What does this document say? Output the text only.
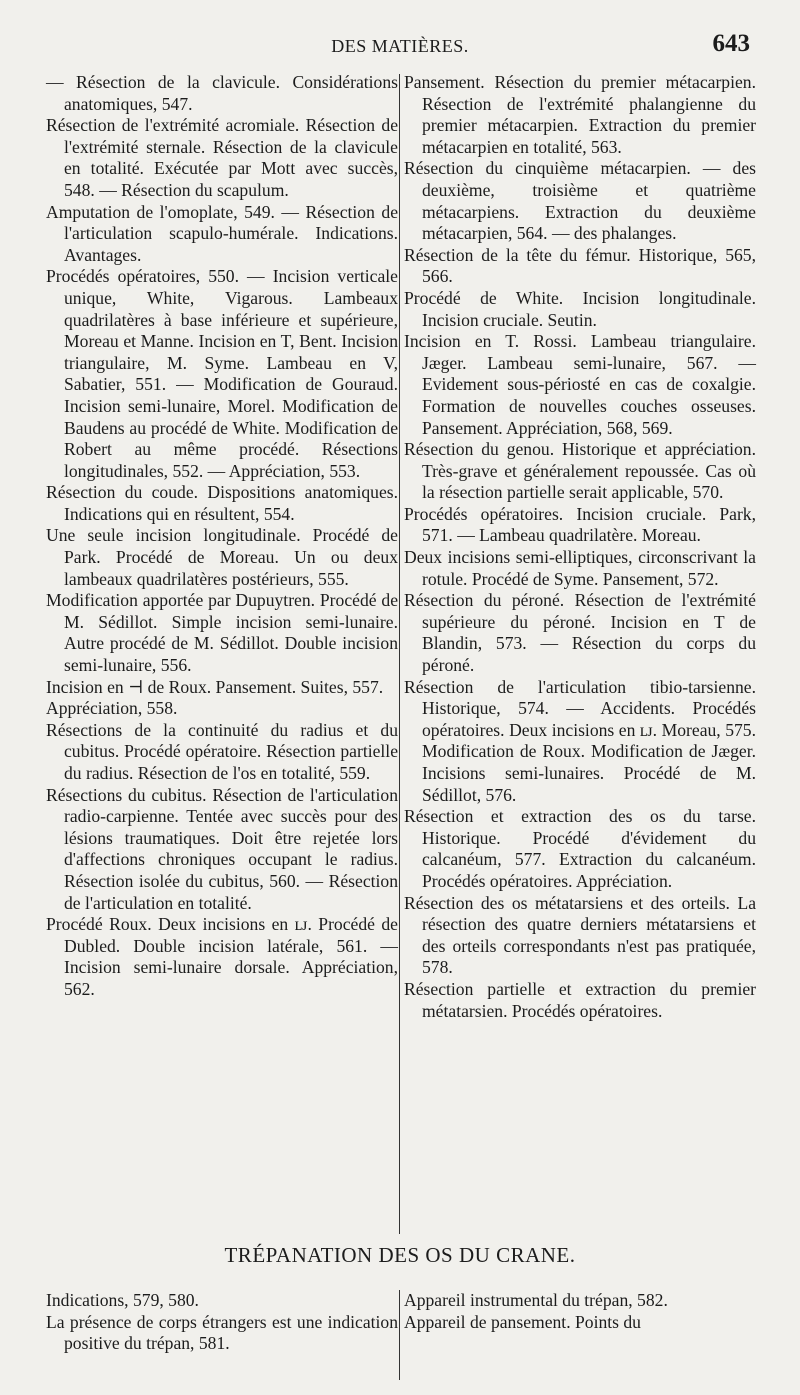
DES MATIÈRES.	643

— Résection de la clavicule. Considérations anatomiques, 547.

Résection de l'extrémité acromiale. Résection de l'extrémité sternale. Résection de la clavicule en totalité. Exécutée par Mott avec succès, 548. — Résection du scapulum.

Amputation de l'omoplate, 549. — Résection de l'articulation scapulo-humérale. Indications. Avantages.

Procédés opératoires, 550. — Incision verticale unique, White, Vigarous. Lambeaux quadrilatères à base inférieure et supérieure, Moreau et Manne. Incision en T, Bent. Incision triangulaire, M. Syme. Lambeau en V, Sabatier, 551. — Modification de Gouraud. Incision semi-lunaire, Morel. Modification de Baudens au procédé de White. Modification de Robert au même procédé. Résections longitudinales, 552. — Appréciation, 553.

Résection du coude. Dispositions anatomiques. Indications qui en résultent, 554.

Une seule incision longitudinale. Procédé de Park. Procédé de Moreau. Un ou deux lambeaux quadrilatères postérieurs, 555.

Modification apportée par Dupuytren. Procédé de M. Sédillot. Simple incision semi-lunaire. Autre procédé de M. Sédillot. Double incision semi-lunaire, 556.

Incision en ⊣ de Roux. Pansement. Suites, 557.

Appréciation, 558.

Résections de la continuité du radius et du cubitus. Procédé opératoire. Résection partielle du radius. Résection de l'os en totalité, 559.

Résections du cubitus. Résection de l'articulation radio-carpienne. Tentée avec succès pour des lésions traumatiques. Doit être rejetée lors d'affections chroniques occupant le radius. Résection isolée du cubitus, 560. — Résection de l'articulation en totalité.

Procédé Roux. Deux incisions en ʟᴊ. Procédé de Dubled. Double incision latérale, 561. — Incision semi-lunaire dorsale. Appréciation, 562.

Pansement. Résection du premier métacarpien. Résection de l'extrémité phalangienne du premier métacarpien. Extraction du premier métacarpien en totalité, 563.

Résection du cinquième métacarpien. — des deuxième, troisième et quatrième métacarpiens. Extraction du deuxième métacarpien, 564. — des phalanges.

Résection de la tête du fémur. Historique, 565, 566.

Procédé de White. Incision longitudinale. Incision cruciale. Seutin.

Incision en T. Rossi. Lambeau triangulaire. Jæger. Lambeau semi-lunaire, 567. — Evidement sous-périosté en cas de coxalgie. Formation de nouvelles couches osseuses. Pansement. Appréciation, 568, 569.

Résection du genou. Historique et appréciation. Très-grave et généralement repoussée. Cas où la résection partielle serait applicable, 570.

Procédés opératoires. Incision cruciale. Park, 571. — Lambeau quadrilatère. Moreau.

Deux incisions semi-elliptiques, circonscrivant la rotule. Procédé de Syme. Pansement, 572.

Résection du péroné. Résection de l'extrémité supérieure du péroné. Incision en T de Blandin, 573. — Résection du corps du péroné.

Résection de l'articulation tibio-tarsienne. Historique, 574. — Accidents. Procédés opératoires. Deux incisions en ʟᴊ. Moreau, 575. Modification de Roux. Modification de Jæger. Incisions semi-lunaires. Procédé de M. Sédillot, 576.

Résection et extraction des os du tarse. Historique. Procédé d'évidement du calcanéum, 577. Extraction du calcanéum. Procédés opératoires. Appréciation.

Résection des os métatarsiens et des orteils. La résection des quatre derniers métatarsiens et des orteils correspondants n'est pas pratiquée, 578.

Résection partielle et extraction du premier métatarsien. Procédés opératoires.

TRÉPANATION DES OS DU CRANE.

Indications, 579, 580.

La présence de corps étrangers est une indication positive du trépan, 581.

Appareil instrumental du trépan, 582.

Appareil de pansement. Points du
